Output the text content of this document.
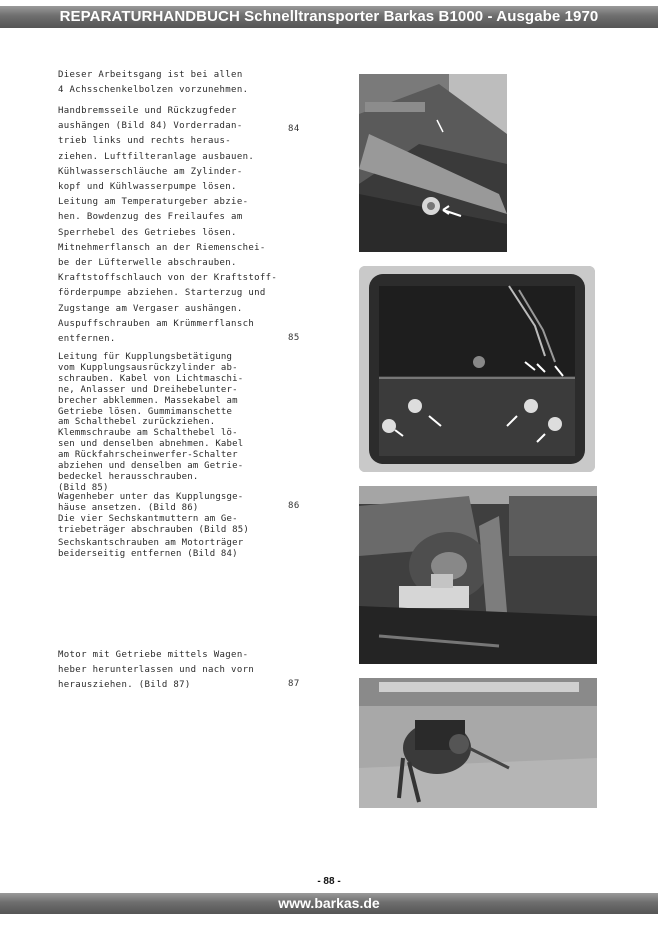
REPARATURHANDBUCH Schnelltransporter Barkas B1000 - Ausgabe 1970
Dieser Arbeitsgang ist bei allen
4 Achsschenkelbolzen vorzunehmen.
Handbremsseile und Rückzugfeder
aushängen (Bild 84) Vorderradan-
trieb links und rechts heraus-
ziehen. Luftfilteranlage ausbauen.
Kühlwasserschläuche am Zylinder-
kopf und Kühlwasserpumpe lösen.
Leitung am Temperaturgeber abzie-
hen. Bowdenzug des Freilaufes am
Sperrhebel des Getriebes lösen.
Mitnehmerflansch an der Riemenschei-
be der Lüfterwelle abschrauben.
Kraftstoffschlauch von der Kraftstoff-
förderpumpe abziehen. Starterzug und
Zugstange am Vergaser aushängen.
Auspuffschrauben am Krümmerflansch
entfernen.
84
Leitung für Kupplungsbetätigung
vom Kupplungsausrückzylinder ab-
schrauben. Kabel von Lichtmaschi-
ne, Anlasser und Dreihebelunter-
brecher abklemmen. Massekabel am
Getriebe lösen. Gummimanschette
am Schalthebel zurückziehen.
Klemmschraube am Schalthebel lö-
sen und denselben abnehmen. Kabel
am Rückfahrscheinwerfer-Schalter
abziehen und denselben am Getrie-
bedeckel herausschrauben.
(Bild 85)
85
Wagenheber unter das Kupplungsge-
häuse ansetzen. (Bild 86)
Die vier Sechskantmuttern am Ge-
triebeträger abschrauben (Bild 85)
Sechskantschrauben am Motorträger
beiderseitig entfernen (Bild 84)
86
Motor mit Getriebe mittels Wagen-
heber herunterlassen und nach vorn
herausziehen. (Bild 87)	87
- 88 -
www.barkas.de
